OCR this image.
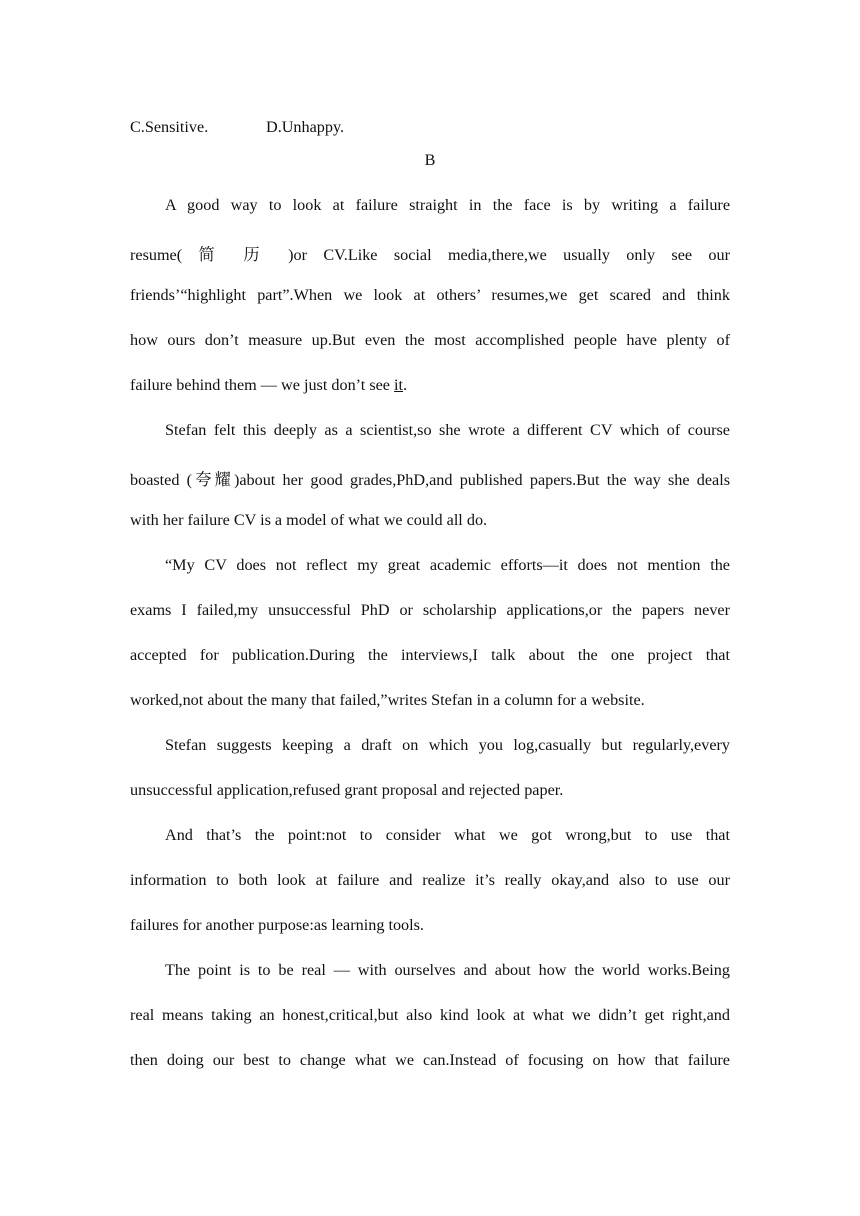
C.Sensitive.	D.Unhappy.
B
A good way to look at failure straight in the face is by writing a failure
resume( 简 历 )or CV.Like social media,there,we usually only see our
friends’“highlight part”.When we look at others’ resumes,we get scared and think
how ours don’t measure up.But even the most accomplished people have plenty of
failure behind them — we just don’t see it.
Stefan felt this deeply as a scientist,so she wrote a different CV which of course
boasted (夸耀)about her good grades,PhD,and published papers.But the way she deals
with her failure CV is a model of what we could all do.
“My CV does not reflect my great academic efforts—it does not mention the
exams I failed,my unsuccessful PhD or scholarship applications,or the papers never
accepted for publication.During the interviews,I talk about the one project that
worked,not about the many that failed,”writes Stefan in a column for a website.
Stefan suggests keeping a draft on which you log,casually but regularly,every
unsuccessful application,refused grant proposal and rejected paper.
And that’s the point:not to consider what we got wrong,but to use that
information to both look at failure and realize it’s really okay,and also to use our
failures for another purpose:as learning tools.
The point is to be real — with ourselves and about how the world works.Being
real means taking an honest,critical,but also kind look at what we didn’t get right,and
then doing our best to change what we can.Instead of focusing on how that failure
